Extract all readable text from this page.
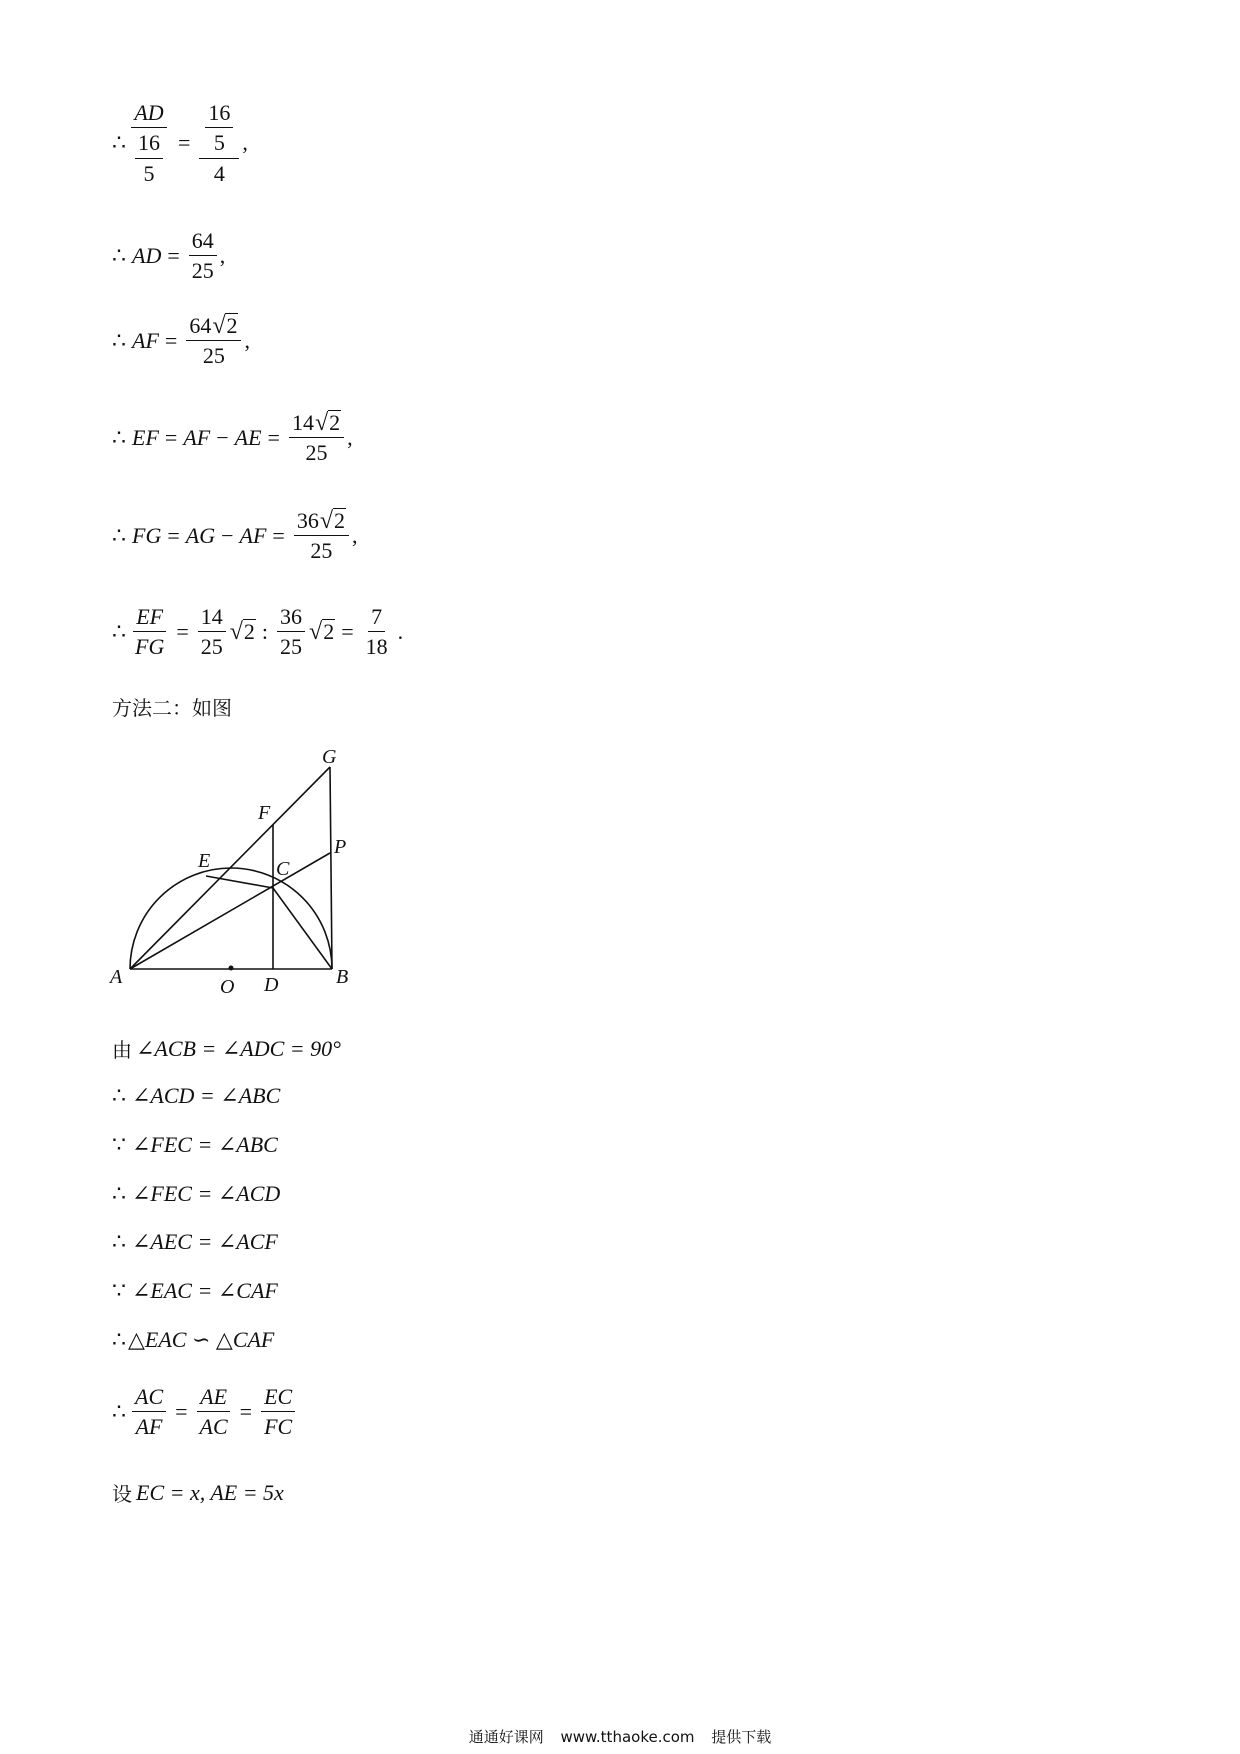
∴ $\frac{AD}{\frac{16}{5}} = \frac{\frac{16}{5}}{4}$ ,
∴ AD = $\frac{64}{25}$ ,
∴ AF = $\frac{64 √ 2}{25}$ ,
∴ EF = AF − AE = $\frac{14 √ 2}{25}$ ,
∴ FG = AG − AF = $\frac{36 √ 2}{25}$ ,
∴ $\frac{EF}{FG} = \frac{14}{25}$ √ 2 : $\frac{36}{25}$ √ $2 = \frac{7}{18}$ .
方法二：如图
A	O D	B
E	C
F
G
P
由 ∠ACB = ∠ADC = 90°
∴ ∠ACD = ∠ABC
∵ ∠FEC = ∠ABC
∴ ∠FEC = ∠ACD
∴ ∠AEC = ∠ACF
∵ ∠EAC = ∠CAF
∴ △EAC ∽ △CAF
∴ $\frac{AC}{AF} = \frac{AE}{AC} = \frac{EC}{FC}$
设 EC = x, AE = 5x
通通好课网 www.tthaoke.com 提供下载
